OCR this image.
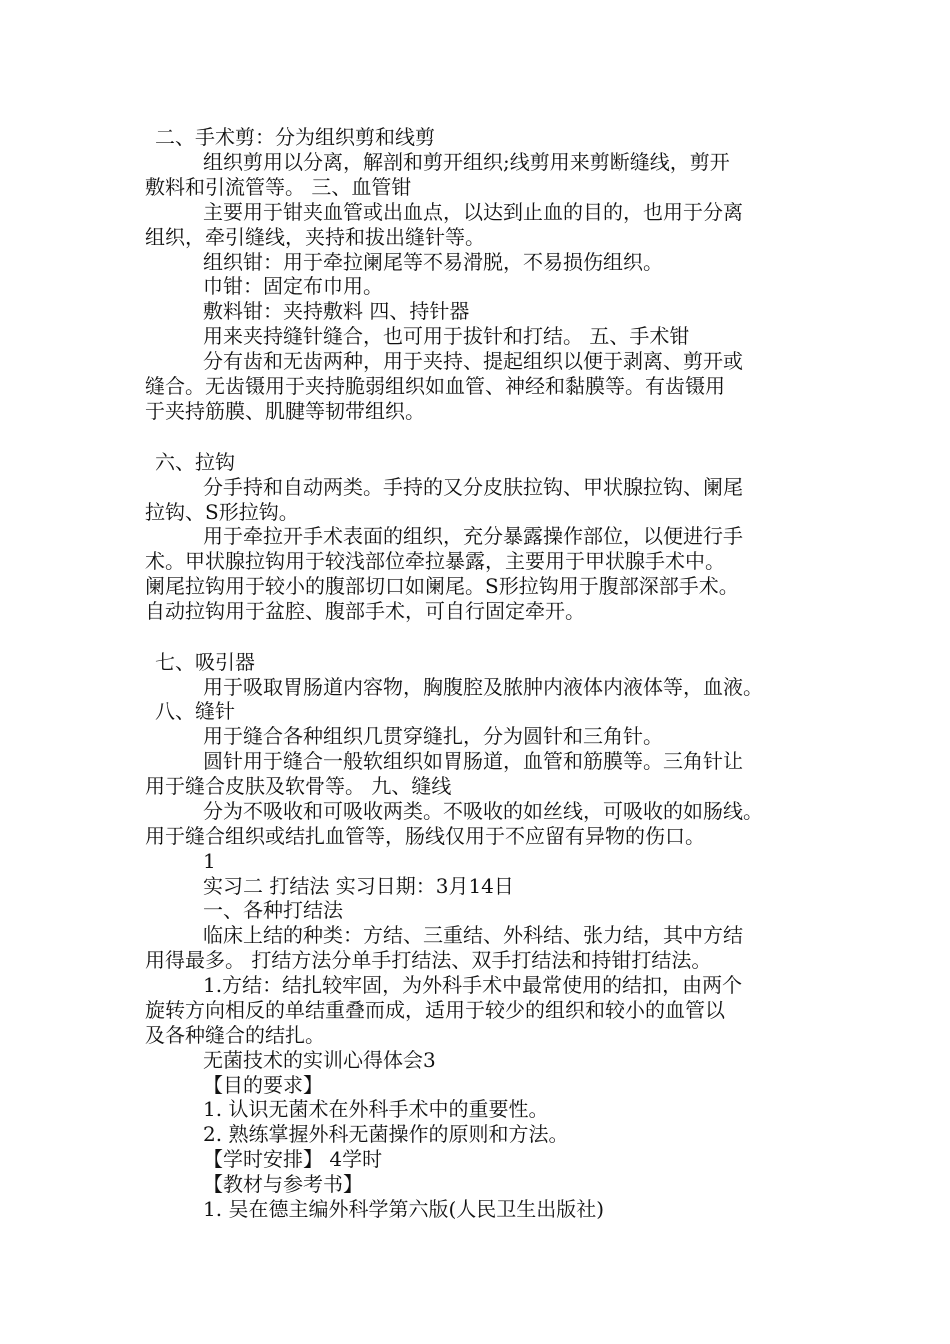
二、手术剪：分为组织剪和线剪
组织剪用以分离，解剖和剪开组织;线剪用来剪断缝线，剪开
敷料和引流管等。 三、血管钳
主要用于钳夹血管或出血点，以达到止血的目的，也用于分离
组织，牵引缝线，夹持和拔出缝针等。
组织钳：用于牵拉阑尾等不易滑脱，不易损伤组织。
巾钳：固定布巾用。
敷料钳：夹持敷料 四、持针器
用来夹持缝针缝合，也可用于拔针和打结。 五、手术钳
分有齿和无齿两种，用于夹持、提起组织以便于剥离、剪开或
缝合。无齿镊用于夹持脆弱组织如血管、神经和黏膜等。有齿镊用
于夹持筋膜、肌腱等韧带组织。
六、拉钩
分手持和自动两类。手持的又分皮肤拉钩、甲状腺拉钩、阑尾
拉钩、S形拉钩。
用于牵拉开手术表面的组织，充分暴露操作部位，以便进行手
术。甲状腺拉钩用于较浅部位牵拉暴露，主要用于甲状腺手术中。
阑尾拉钩用于较小的腹部切口如阑尾。S形拉钩用于腹部深部手术。
自动拉钩用于盆腔、腹部手术，可自行固定牵开。
七、吸引器
用于吸取胃肠道内容物，胸腹腔及脓肿内液体内液体等，血液。
八、缝针
用于缝合各种组织几贯穿缝扎，分为圆针和三角针。
圆针用于缝合一般软组织如胃肠道，血管和筋膜等。三角针让
用于缝合皮肤及软骨等。 九、缝线
分为不吸收和可吸收两类。不吸收的如丝线，可吸收的如肠线。
用于缝合组织或结扎血管等，肠线仅用于不应留有异物的伤口。
1
实习二 打结法 实习日期：3月14日
一、各种打结法
临床上结的种类：方结、三重结、外科结、张力结，其中方结
用得最多。 打结方法分单手打结法、双手打结法和持钳打结法。
1.方结：结扎较牢固，为外科手术中最常使用的结扣，由两个
旋转方向相反的单结重叠而成，适用于较少的组织和较小的血管以
及各种缝合的结扎。
无菌技术的实训心得体会3
【目的要求】
1. 认识无菌术在外科手术中的重要性。
2. 熟练掌握外科无菌操作的原则和方法。
【学时安排】 4学时
【教材与参考书】
1. 吴在德主编外科学第六版(人民卫生出版社)
